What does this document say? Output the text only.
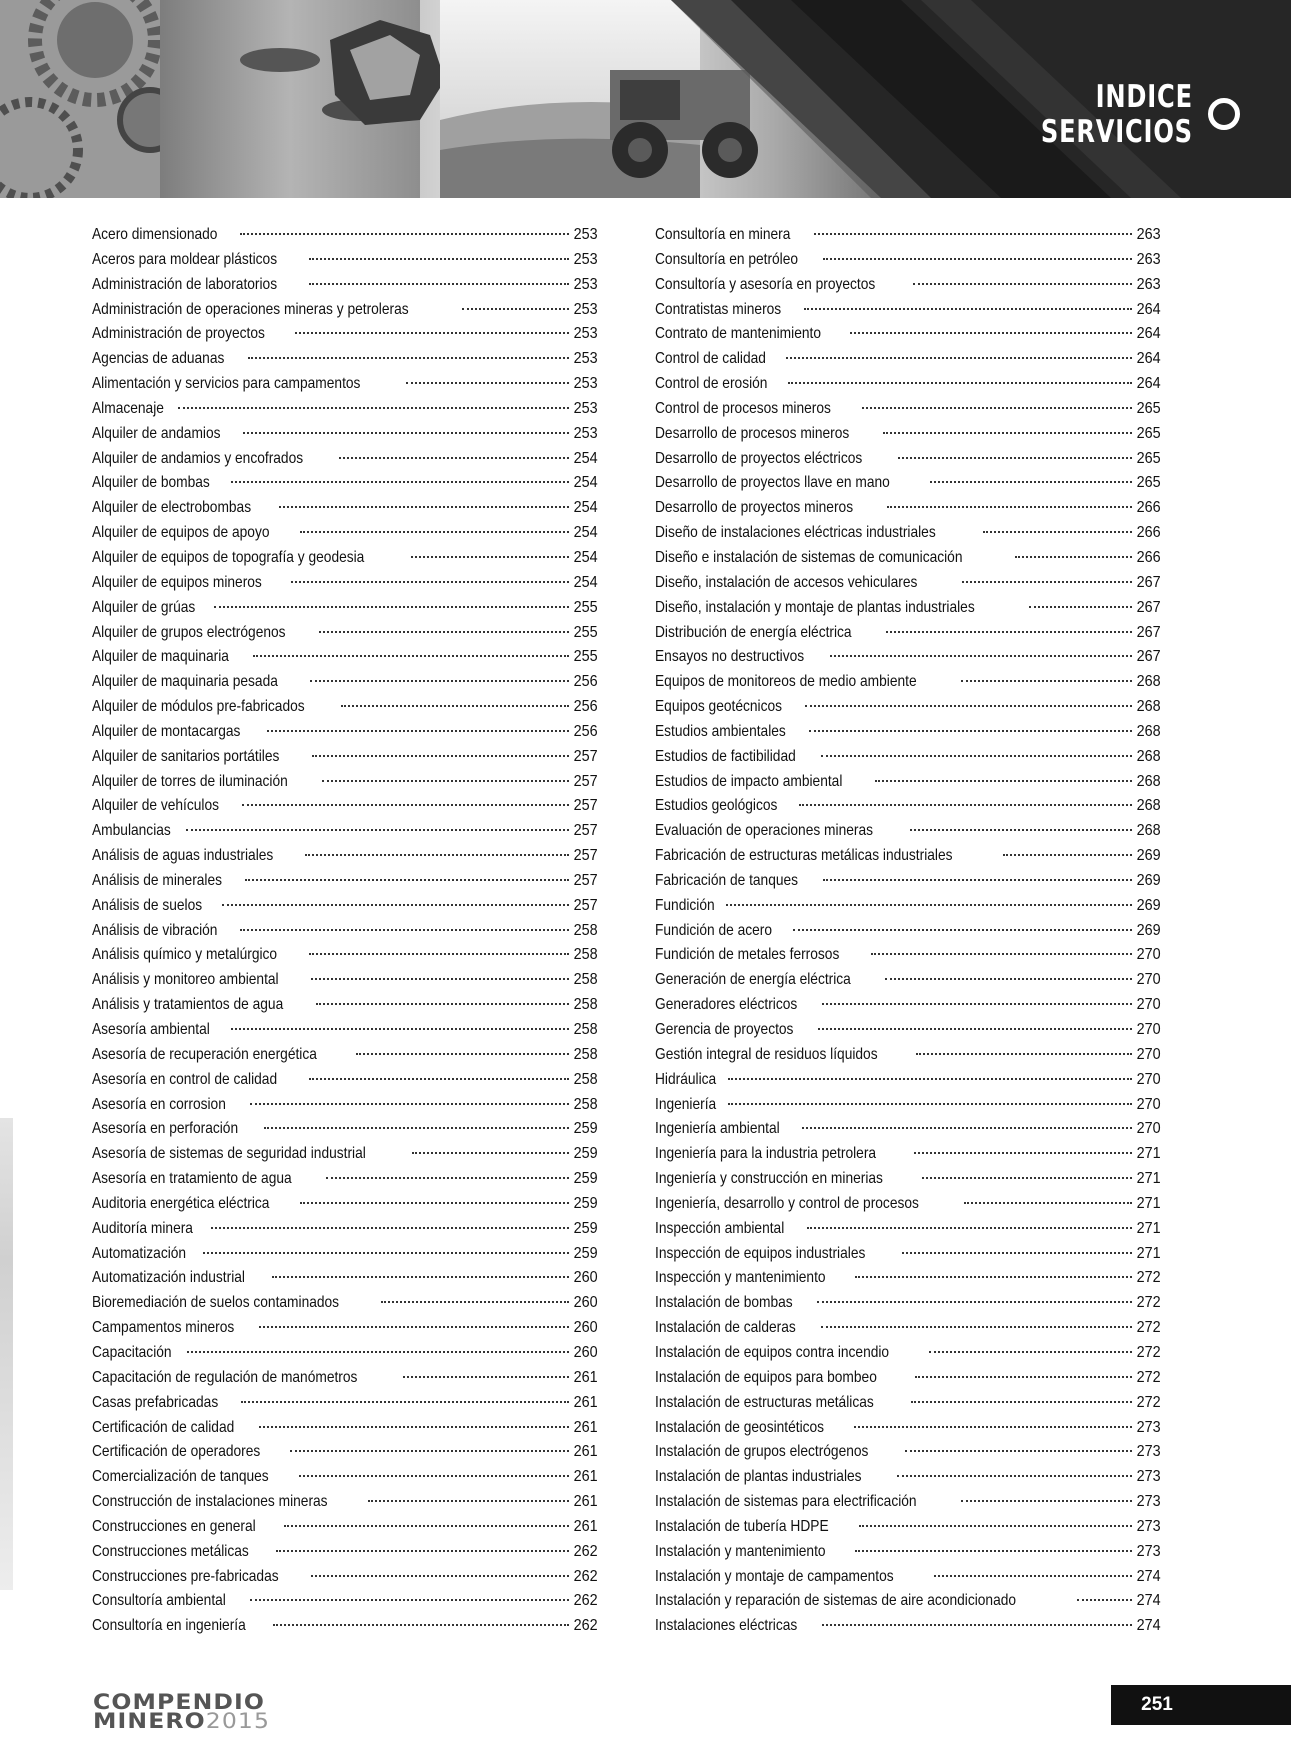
INDICE
SERVICIOS
Acero dimensionado	253
Aceros para moldear plásticos	253
Administración de laboratorios	253
Administración de operaciones mineras y petroleras	253
Administración de proyectos	253
Agencias de aduanas	253
Alimentación y servicios para campamentos	253
Almacenaje	253
Alquiler de andamios	253
Alquiler de andamios y encofrados	254
Alquiler de bombas	254
Alquiler de electrobombas	254
Alquiler de equipos de apoyo	254
Alquiler de equipos de topografía y geodesia	254
Alquiler de equipos mineros	254
Alquiler de grúas	255
Alquiler de grupos electrógenos	255
Alquiler de maquinaria	255
Alquiler de maquinaria pesada	256
Alquiler de módulos pre-fabricados	256
Alquiler de montacargas	256
Alquiler de sanitarios portátiles	257
Alquiler de torres de iluminación	257
Alquiler de vehículos	257
Ambulancias	257
Análisis de aguas industriales	257
Análisis de minerales	257
Análisis de suelos	257
Análisis de vibración	258
Análisis químico y metalúrgico	258
Análisis y monitoreo ambiental	258
Análisis y tratamientos de agua	258
Asesoría ambiental	258
Asesoría de recuperación energética	258
Asesoría en control de calidad	258
Asesoría en corrosion	258
Asesoría en perforación	259
Asesoría de sistemas de seguridad industrial	259
Asesoría en tratamiento de agua	259
Auditoria energética eléctrica	259
Auditoría minera	259
Automatización	259
Automatización industrial	260
Bioremediación de suelos contaminados	260
Campamentos mineros	260
Capacitación	260
Capacitación de regulación de manómetros	261
Casas prefabricadas	261
Certificación de calidad	261
Certificación de operadores	261
Comercialización de tanques	261
Construcción de instalaciones mineras	261
Construcciones en general	261
Construcciones metálicas	262
Construcciones pre-fabricadas	262
Consultoría ambiental	262
Consultoría en ingeniería	262
Consultoría en minera	263
Consultoría en petróleo	263
Consultoría y asesoría en proyectos	263
Contratistas mineros	264
Contrato de mantenimiento	264
Control de calidad	264
Control de erosión	264
Control de procesos mineros	265
Desarrollo de procesos mineros	265
Desarrollo de proyectos eléctricos	265
Desarrollo de proyectos llave en mano	265
Desarrollo de proyectos mineros	266
Diseño de instalaciones eléctricas industriales	266
Diseño e instalación de sistemas de comunicación	266
Diseño, instalación de accesos vehiculares	267
Diseño, instalación y montaje de plantas industriales	267
Distribución de energía eléctrica	267
Ensayos no destructivos	267
Equipos de monitoreos de medio ambiente	268
Equipos geotécnicos	268
Estudios ambientales	268
Estudios de factibilidad	268
Estudios de impacto ambiental	268
Estudios geológicos	268
Evaluación de operaciones mineras	268
Fabricación de estructuras metálicas industriales	269
Fabricación de tanques	269
Fundición	269
Fundición de acero	269
Fundición de metales ferrosos	270
Generación de energía eléctrica	270
Generadores eléctricos	270
Gerencia de proyectos	270
Gestión integral de residuos líquidos	270
Hidráulica	270
Ingeniería	270
Ingeniería ambiental	270
Ingeniería para la industria petrolera	271
Ingeniería y construcción en minerias	271
Ingeniería, desarrollo y control de procesos	271
Inspección ambiental	271
Inspección de equipos industriales	271
Inspección y mantenimiento	272
Instalación de bombas	272
Instalación de calderas	272
Instalación de equipos contra incendio	272
Instalación de equipos para bombeo	272
Instalación de estructuras metálicas	272
Instalación de geosintéticos	273
Instalación de grupos electrógenos	273
Instalación de plantas industriales	273
Instalación de sistemas para electrificación	273
Instalación de tubería HDPE	273
Instalación y mantenimiento	273
Instalación y montaje de campamentos	274
Instalación y reparación de sistemas de aire acondicionado	274
Instalaciones eléctricas	274
COMPENDIO
MINERO2015
251
